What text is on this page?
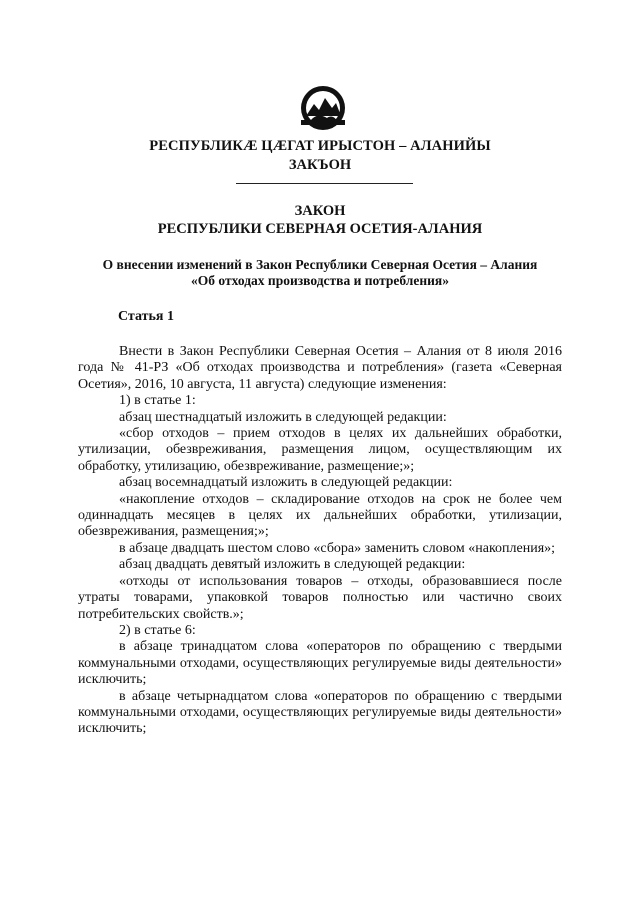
РЕСПУБЛИКӔ ЦӔГАТ ИРЫСТОН – АЛАНИЙЫ
ЗАКЪОН
ЗАКОН
РЕСПУБЛИКИ СЕВЕРНАЯ ОСЕТИЯ-АЛАНИЯ
О внесении изменений в Закон Республики Северная Осетия – Алания
«Об отходах производства и потребления»
Статья 1

Внести в Закон Республики Северная Осетия – Алания от 8 июля 2016 года № 41-РЗ «Об отходах производства и потребления» (газета «Северная Осетия», 2016, 10 августа, 11 августа) следующие изменения:

1) в статье 1:

абзац шестнадцатый изложить в следующей редакции:

«сбор отходов – прием отходов в целях их дальнейших обработки, утилизации, обезвреживания, размещения лицом, осуществляющим их обработку, утилизацию, обезвреживание, размещение;»;

абзац восемнадцатый изложить в следующей редакции:

«накопление отходов – складирование отходов на срок не более чем одиннадцать месяцев в целях их дальнейших обработки, утилизации, обезвреживания, размещения;»;

в абзаце двадцать шестом слово «сбора» заменить словом «накопления»;

абзац двадцать девятый изложить в следующей редакции:

«отходы от использования товаров – отходы, образовавшиеся после утраты товарами, упаковкой товаров полностью или частично своих потребительских свойств.»;

2) в статье 6:

в абзаце тринадцатом слова «операторов по обращению с твердыми коммунальными отходами, осуществляющих регулируемые виды деятельности» исключить;

в абзаце четырнадцатом слова «операторов по обращению с твердыми коммунальными отходами, осуществляющих регулируемые виды деятельности» исключить;
